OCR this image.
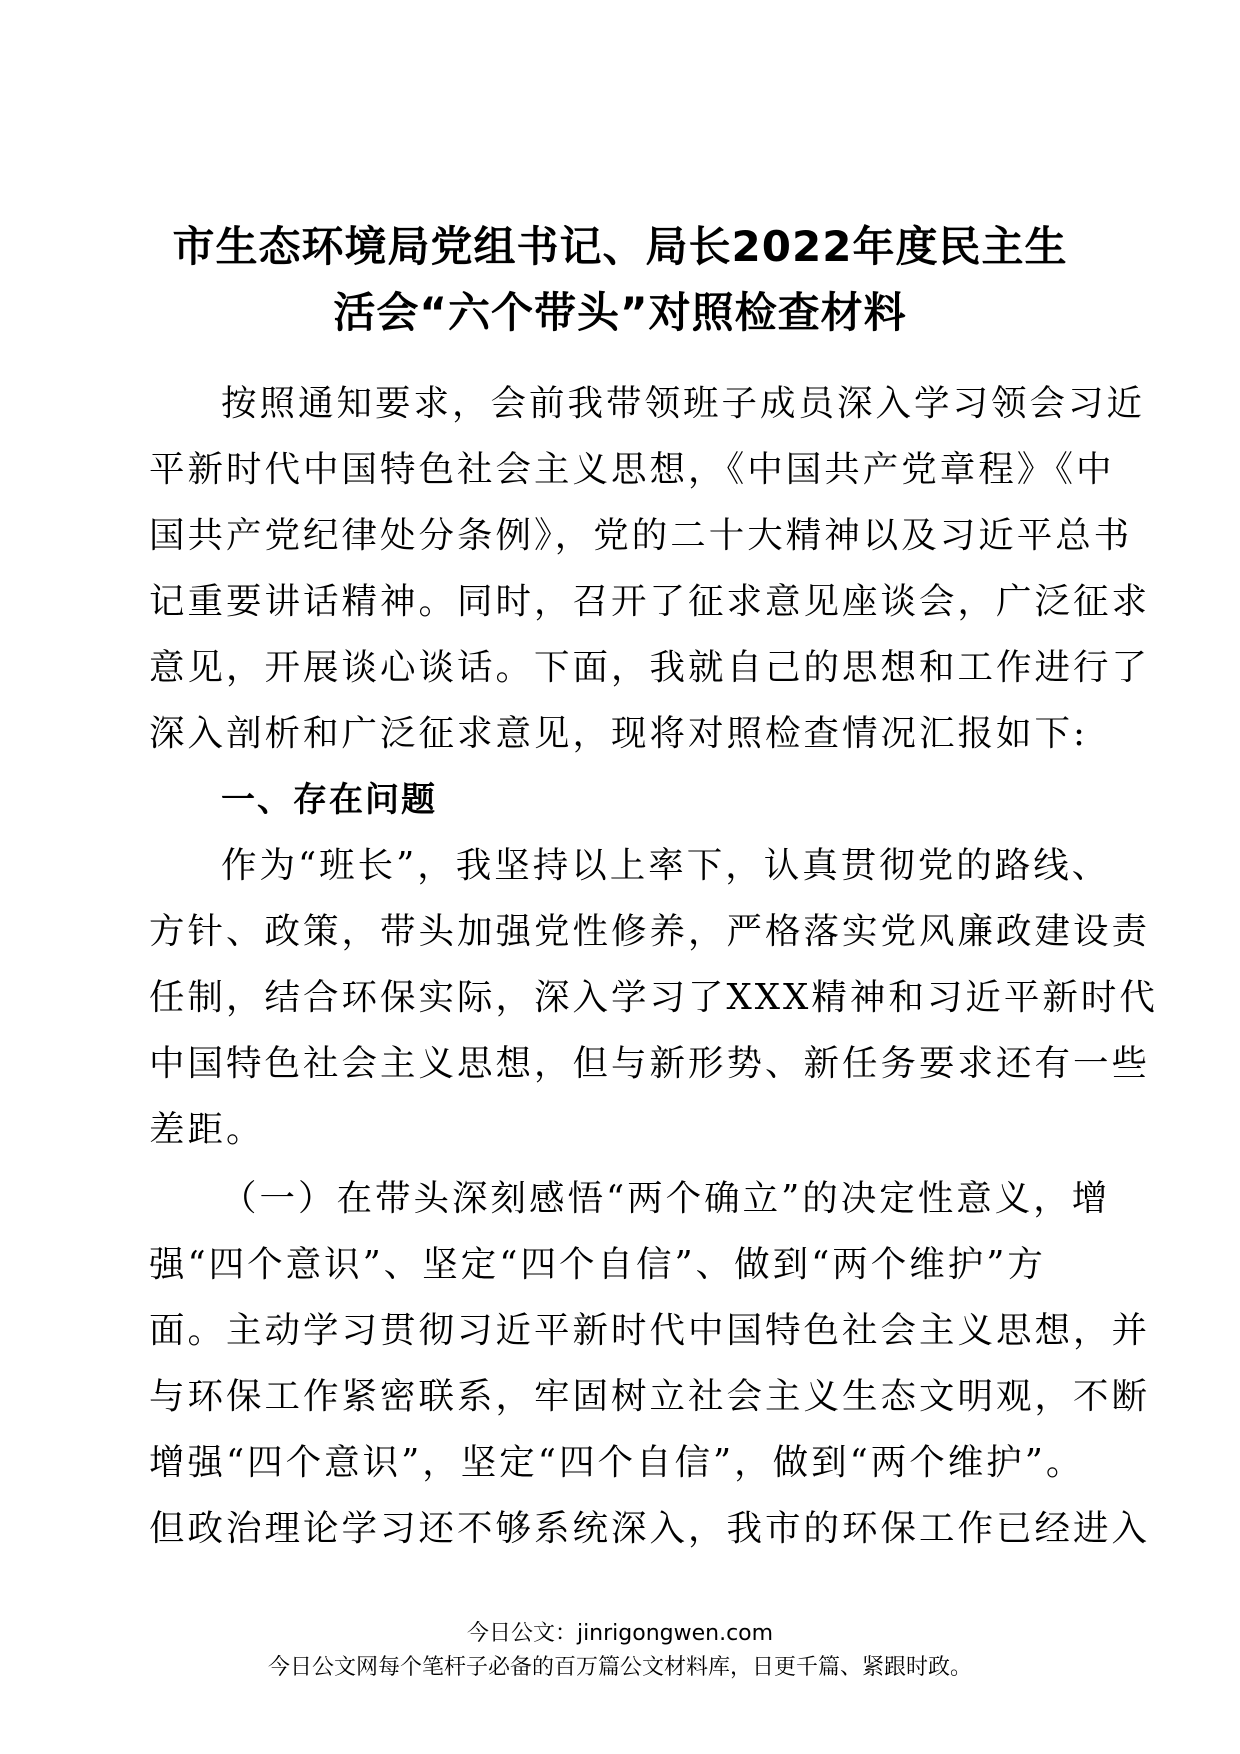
市生态环境局党组书记、局长2022年度民主生
活会“六个带头”对照检查材料
按照通知要求，会前我带领班子成员深入学习领会习近
平新时代中国特色社会主义思想，《中国共产党章程》《中
国共产党纪律处分条例》，党的二十大精神以及习近平总书
记重要讲话精神。同时，召开了征求意见座谈会，广泛征求
意见，开展谈心谈话。下面，我就自己的思想和工作进行了
深入剖析和广泛征求意见，现将对照检查情况汇报如下:
一、存在问题
作为“班长”，我坚持以上率下，认真贯彻党的路线、
方针、政策，带头加强党性修养，严格落实党风廉政建设责
任制，结合环保实际，深入学习了XXX精神和习近平新时代
中国特色社会主义思想，但与新形势、新任务要求还有一些
差距。
（一）在带头深刻感悟“两个确立”的决定性意义，增
强“四个意识”、坚定“四个自信”、做到“两个维护”方
面。主动学习贯彻习近平新时代中国特色社会主义思想，并
与环保工作紧密联系，牢固树立社会主义生态文明观，不断
增强“四个意识”，坚定“四个自信”，做到“两个维护”。
但政治理论学习还不够系统深入，我市的环保工作已经进入
今日公文：jinrigongwen.com
今日公文网每个笔杆子必备的百万篇公文材料库，日更千篇、紧跟时政。
